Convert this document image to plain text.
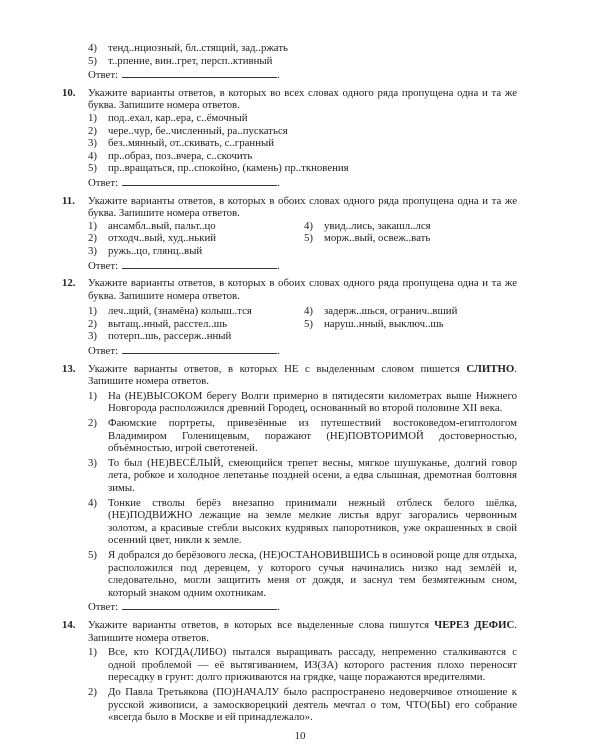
4) тенд..нциозный, бл..стящий, зад..ржать
5) т..рпение, вин..грет, персп..ктивный
Ответ:	.
10. Укажите варианты ответов, в которых во всех словах одного ряда пропущена одна и та же буква. Запишите номера ответов.
1) под..ехал, кар..ера, с..ёмочный
2) чере..чур, бе..численный, ра..пускаться
3) без..мянный, от..скивать, с..гранный
4) пр..образ, поз..вчера, с..скочить
5) пр..вращаться, пр..спокойно, (камень) пр..ткновения
Ответ:	.
11. Укажите варианты ответов, в которых в обоих словах одного ряда пропущена одна и та же буква. Запишите номера ответов.
1) ансамбл..вый, пальт..цо	4) увид..лись, закашл..лся
2) отходч..вый, худ..нький	5) морж..вый, освеж..вать
3) ружь..цо, глянц..вый
Ответ:	.
12. Укажите варианты ответов, в которых в обоих словах одного ряда пропущена одна и та же буква. Запишите номера ответов.
1) леч..щий, (знамёна) колыш..тся	4) задерж..шься, огранич..вший
2) вытащ..нный, расстел..шь	5) наруш..нный, выключ..шь
3) потерп..шь, рассерж..нный
Ответ:	.
13. Укажите варианты ответов, в которых НЕ с выделенным словом пишется СЛИТНО. Запишите номера ответов.
1) На (НЕ)ВЫСОКОМ берегу Волги примерно в пятидесяти километрах выше Нижнего Новгорода расположился древний Городец, основанный во второй половине XII века.
2) Фаюмские портреты, привезённые из путешествий востоковедом-египтологом Владимиром Голенищевым, поражают (НЕ)ПОВТОРИМОЙ достоверностью, объёмностью, игрой светотеней.
3) То был (НЕ)ВЕСЁЛЫЙ, смеющийся трепет весны, мягкое шушуканье, долгий говор лета, робкое и холодное лепетанье поздней осени, а едва слышная, дремотная болтовня зимы.
4) Тонкие стволы берёз внезапно принимали нежный отблеск белого шёлка, (НЕ)ПОДВИЖНО лежащие на земле мелкие листья вдруг загорались червонным золотом, а красивые стебли высоких кудрявых папоротников, уже окрашенных в свой осенний цвет, никли к земле.
5) Я добрался до берёзового леска, (НЕ)ОСТАНОВИВШИСЬ в осиновой роще для отдыха, расположился под деревцем, у которого сучья начинались низко над землёй и, следовательно, могли защитить меня от дождя, и заснул тем безмятежным сном, который знаком одним охотникам.
Ответ:	.
14. Укажите варианты ответов, в которых все выделенные слова пишутся ЧЕРЕЗ ДЕФИС. Запишите номера ответов.
1) Все, кто КОГДА(ЛИБО) пытался выращивать рассаду, непременно сталкиваются с одной проблемой — её вытягиванием, ИЗ(ЗА) которого растения плохо переносят пересадку в грунт: долго приживаются на грядке, чаще поражаются вредителями.
2) До Павла Третьякова (ПО)НАЧАЛУ было распространено недоверчивое отношение к русской живописи, а замоскворецкий деятель мечтал о том, ЧТО(БЫ) его собрание «всегда было в Москве и ей принадлежало».
10
